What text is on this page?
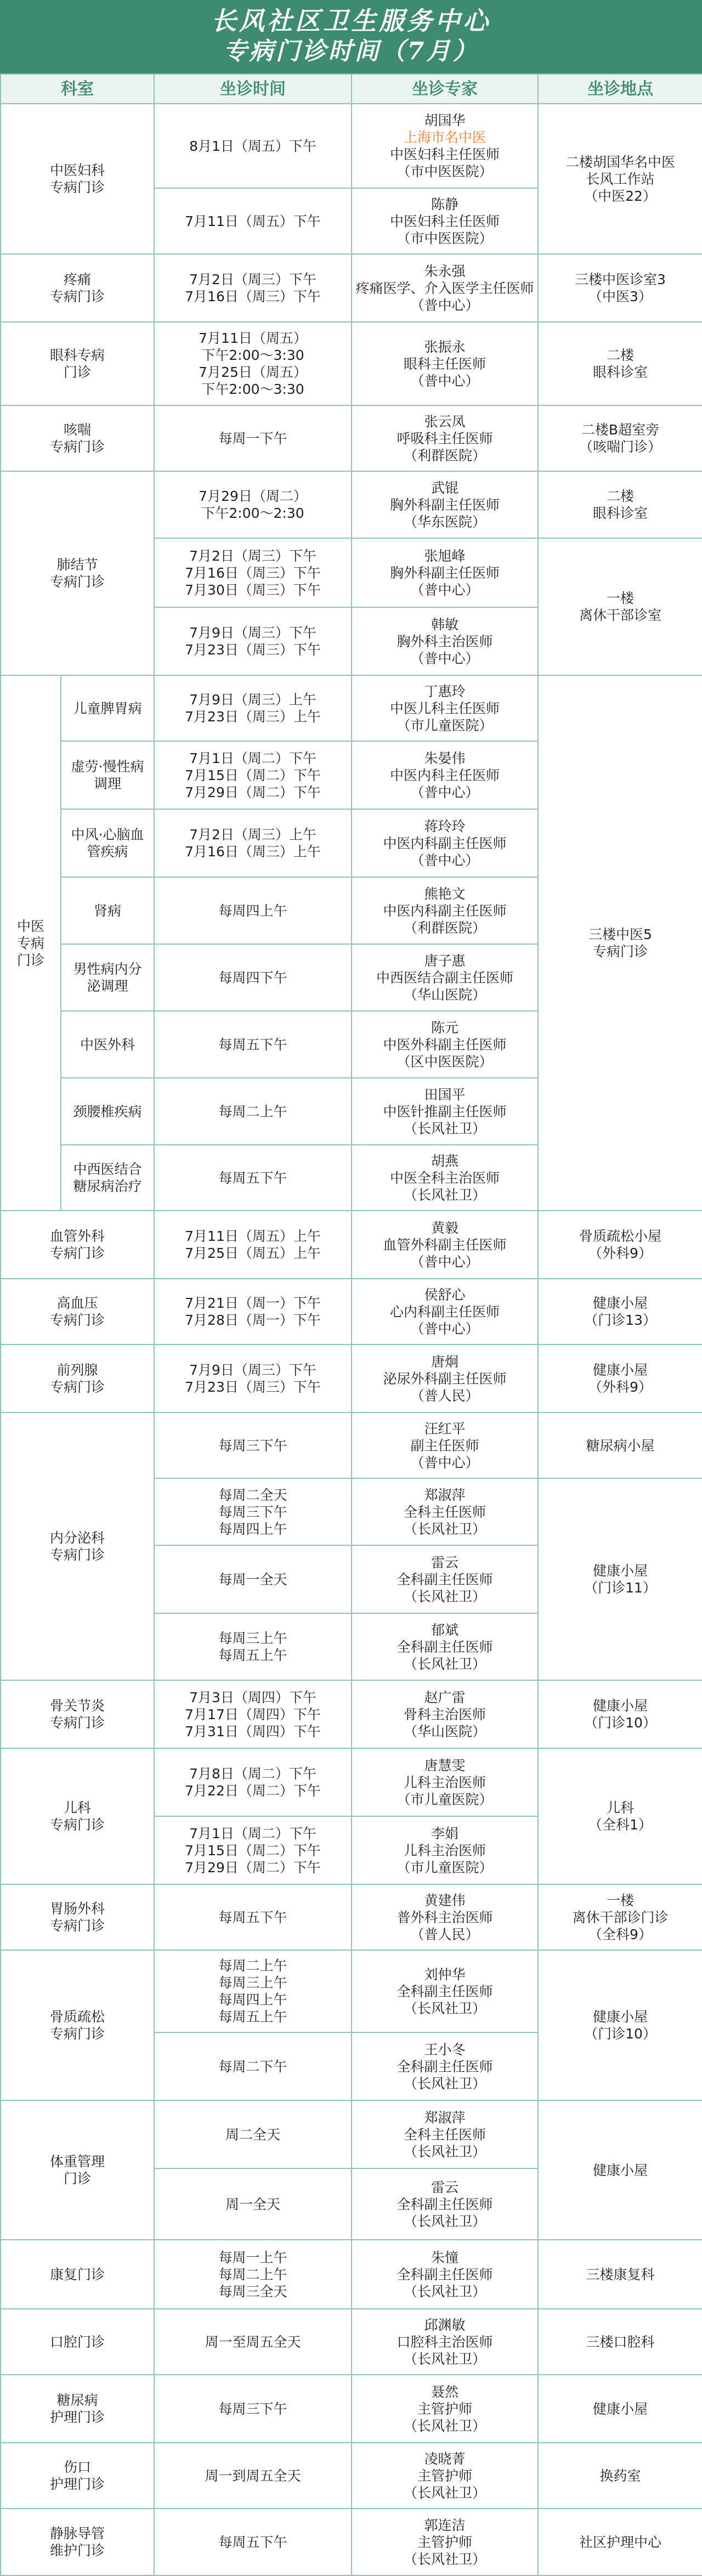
长风社区卫生服务中心
专病门诊时间（7月）
科室		坐诊时间	坐诊专家	坐诊地点

中医妇科
专病门诊		8月1日（周五）下午	胡国华
上海市名中医
中医妇科主任医师
（市中医医院）	二楼胡国华名中医
长风工作站
（中医22）

		7月11日（周五）下午	陈静
中医妇科主任医师
（市中医医院）	

疼痛
专病门诊		7月2日（周三）下午
7月16日（周三）下午	朱永强
疼痛医学、介入医学主任医师
（普中心）	三楼中医诊室3
（中医3）

眼科专病
门诊		7月11日（周五）
下午2:00～3:30
7月25日（周五）
下午2:00～3:30	张振永
眼科主任医师
（普中心）	二楼
眼科诊室

咳喘
专病门诊		每周一下午	张云凤
呼吸科主任医师
（利群医院）	二楼B超室旁
（咳喘门诊）

肺结节
专病门诊		7月29日（周二）
下午2:00～2:30	武锟
胸外科副主任医师
（华东医院）	二楼
眼科诊室

		7月2日（周三）下午
7月16日（周三）下午
7月30日（周三）下午	张旭峰
胸外科副主任医师
（普中心）	一楼
离休干部诊室

		7月9日（周三）下午
7月23日（周三）下午	韩敏
胸外科主治医师
（普中心）	

中医
专病
门诊	儿童脾胃病	7月9日（周三）上午
7月23日（周三）上午	丁惠玲
中医儿科主任医师
（市儿童医院）	三楼中医5
专病门诊

	虚劳·慢性病
调理	7月1日（周二）下午
7月15日（周二）下午
7月29日（周二）下午	朱晏伟
中医内科主任医师
（普中心）	

	中风·心脑血
管疾病	7月2日（周三）上午
7月16日（周三）上午	蒋玲玲
中医内科副主任医师
（普中心）	

	肾病	每周四上午	熊艳文
中医内科副主任医师
（利群医院）	

	男性病内分
泌调理	每周四下午	唐子惠
中西医结合副主任医师
（华山医院）	

	中医外科	每周五下午	陈元
中医外科副主任医师
（区中医医院）	

	颈腰椎疾病	每周二上午	田国平
中医针推副主任医师
（长风社卫）	

	中西医结合
糖尿病治疗	每周五下午	胡燕
中医全科主治医师
（长风社卫）	

血管外科
专病门诊		7月11日（周五）上午
7月25日（周五）上午	黄毅
血管外科副主任医师
（普中心）	骨质疏松小屋
（外科9）

高血压
专病门诊		7月21日（周一）下午
7月28日（周一）下午	侯舒心
心内科副主任医师
（普中心）	健康小屋
（门诊13）

前列腺
专病门诊		7月9日（周三）下午
7月23日（周三）下午	唐炯
泌尿外科副主任医师
（普人民）	健康小屋
（外科9）

内分泌科
专病门诊		每周三下午	汪红平
副主任医师
（普中心）	糖尿病小屋

		每周二全天
每周三下午
每周四上午	郑淑萍
全科主任医师
（长风社卫）	健康小屋
（门诊11）

		每周一全天	雷云
全科副主任医师
（长风社卫）	

		每周三上午
每周五上午	郁斌
全科副主任医师
（长风社卫）	

骨关节炎
专病门诊		7月3日（周四）下午
7月17日（周四）下午
7月31日（周四）下午	赵广雷
骨科主治医师
（华山医院）	健康小屋
（门诊10）

儿科
专病门诊		7月8日（周二）下午
7月22日（周二）下午	唐慧雯
儿科主治医师
（市儿童医院）	儿科
（全科1）

		7月1日（周二）下午
7月15日（周二）下午
7月29日（周二）下午	李娟
儿科主治医师
（市儿童医院）	

胃肠外科
专病门诊		每周五下午	黄建伟
普外科主治医师
（普人民）	一楼
离休干部诊门诊
（全科9）

骨质疏松
专病门诊		每周二上午
每周三上午
每周四上午
每周五上午	刘仲华
全科副主任医师
（长风社卫）	健康小屋
（门诊10）

		每周二下午	王小冬
全科副主任医师
（长风社卫）	

体重管理
门诊		周二全天	郑淑萍
全科主任医师
（长风社卫）	健康小屋
		周一全天	雷云
全科副主任医师
（长风社卫）	

康复门诊		每周一上午
每周二上午
每周三全天	朱憧
全科副主任医师
（长风社卫）	三楼康复科
口腔门诊		周一至周五全天	邱渊敏
口腔科主治医师
（长风社卫）	三楼口腔科

糖尿病
护理门诊		每周三下午	聂然
主管护师
（长风社卫）	健康小屋

伤口
护理门诊		周一到周五全天	凌晓菁
主管护师
（长风社卫）	换药室

静脉导管
维护门诊		每周五下午	郭连洁
主管护师
（长风社卫）	社区护理中心
